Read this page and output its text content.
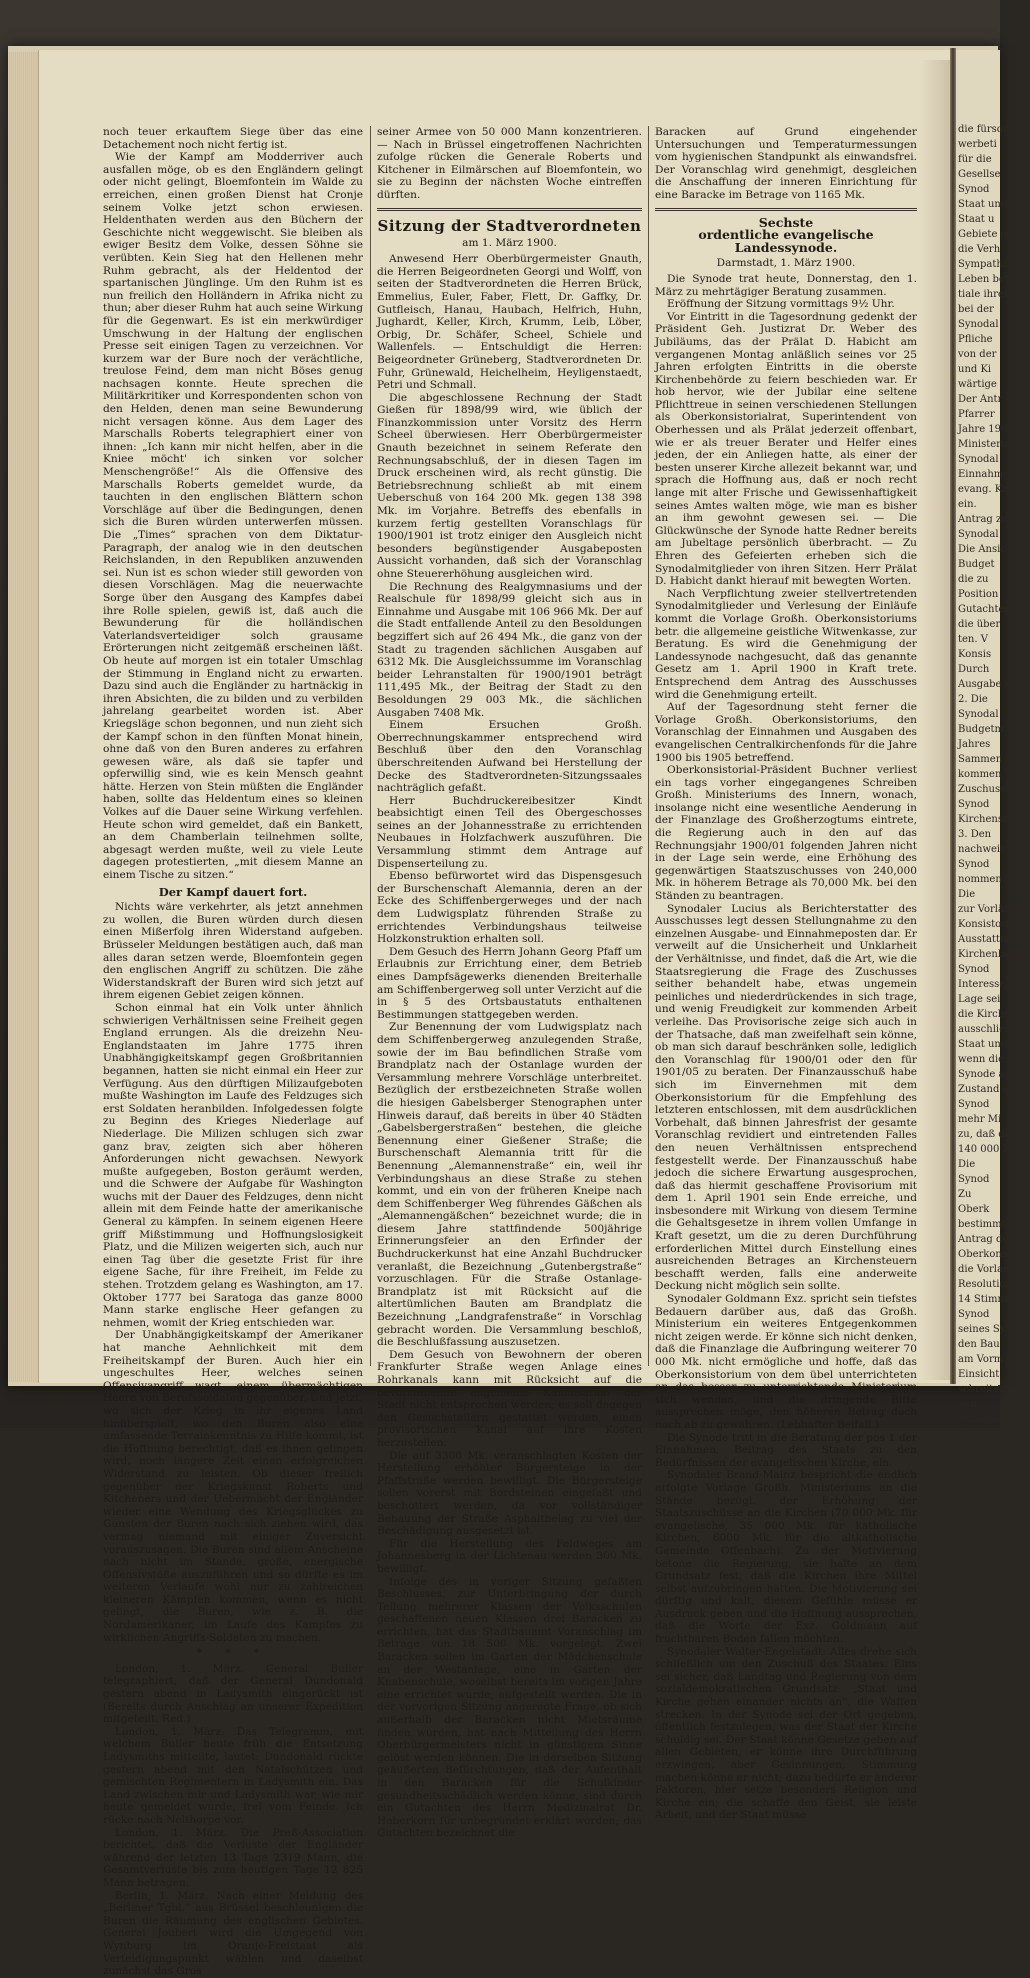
die fürsor
werbeti
für die
Gesellse
Synod
Staat und
Staat u
Gebiete an
die Verh
Sympathi
Leben bet
tiale ihrer
bei der
Synodal
Pfliche
von der
und Ki
wärtige
Der Antr
Pfarrer
Jahre 1900/1
Ministerin
Synodal
Einnahme
evang. Kirche
ein.
Antrag zum
Synodal
Die Ansic
Budget
die zu
Position
Gutachten
die über
ten. V
Konsis
Durch
Ausgabe
2. Die
Synodal
Budgetm
Jahres
Sammen
kommen
Zuschuss
Synod
Kirchenstel
3. Den
nachweis
Synod
nommen.
Die
zur Vorläufi
Konsistorium
Ausstattun
Kirchenbaue
Synod
Interesse
Lage sei
die Kirchen
ausschließlich
Staat und
wenn die
Synode au
Zustand ein
Synod
mehr Mi
zu, daß di
140 000 M
Die
Synod
Zu
Oberk
bestimmte
Antrag des
Oberkonsi
die Vorlage
Resolution
14 Stimmen
Synod
seines Sy
den Bau
am Vorm
Einsicht
schreiten.
Syn
Stammun
Aufk
Vorsch

noch teuer erkauftem Siege über das eine Detachement noch nicht fertig ist.

Wie der Kampf am Modderriver auch ausfallen möge, ob es den Engländern gelingt oder nicht gelingt, Bloemfontein im Walde zu erreichen, einen großen Dienst hat Cronje seinem Volke jetzt schon erwiesen. Heldenthaten werden aus den Büchern der Geschichte nicht weggewischt. Sie bleiben als ewiger Besitz dem Volke, dessen Söhne sie verübten. Kein Sieg hat den Hellenen mehr Ruhm gebracht, als der Heldentod der spartanischen Jünglinge. Um den Ruhm ist es nun freilich den Holländern in Afrika nicht zu thun; aber dieser Ruhm hat auch seine Wirkung für die Gegenwart. Es ist ein merkwürdiger Umschwung in der Haltung der englischen Presse seit einigen Tagen zu verzeichnen. Vor kurzem war der Bure noch der verächtliche, treulose Feind, dem man nicht Böses genug nachsagen konnte. Heute sprechen die Militärkritiker und Korrespondenten schon von den Helden, denen man seine Bewunderung nicht versagen könne. Aus dem Lager des Marschalls Roberts telegraphiert einer von ihnen: „Ich kann mir nicht helfen, aber in die Kniee möcht' ich sinken vor solcher Menschengröße!“ Als die Offensive des Marschalls Roberts gemeldet wurde, da tauchten in den englischen Blättern schon Vorschläge auf über die Bedingungen, denen sich die Buren würden unterwerfen müssen. Die „Times“ sprachen von dem Diktatur-Paragraph, der analog wie in den deutschen Reichslanden, in den Republiken anzuwenden sei. Nun ist es schon wieder still geworden von diesen Vorschlägen. Mag die neuerwachte Sorge über den Ausgang des Kampfes dabei ihre Rolle spielen, gewiß ist, daß auch die Bewunderung für die holländischen Vaterlandsverteidiger solch grausame Erörterungen nicht zeitgemäß erscheinen läßt. Ob heute auf morgen ist ein totaler Umschlag der Stimmung in England nicht zu erwarten. Dazu sind auch die Engländer zu hartnäckig in ihren Absichten, die zu bilden und zu verbilden jahrelang gearbeitet worden ist. Aber Kriegsläge schon begonnen, und nun zieht sich der Kampf schon in den fünften Monat hinein, ohne daß von den Buren anderes zu erfahren gewesen wäre, als daß sie tapfer und opferwillig sind, wie es kein Mensch geahnt hätte. Herzen von Stein müßten die Engländer haben, sollte das Heldentum eines so kleinen Volkes auf die Dauer seine Wirkung verfehlen. Heute schon wird gemeldet, daß ein Bankett, an dem Chamberlain teilnehmen sollte, abgesagt werden mußte, weil zu viele Leute dagegen protestierten, „mit diesem Manne an einem Tische zu sitzen.“

Der Kampf dauert fort.

Nichts wäre verkehrter, als jetzt annehmen zu wollen, die Buren würden durch diesen einen Mißerfolg ihren Widerstand aufgeben. Brüsseler Meldungen bestätigen auch, daß man alles daran setzen werde, Bloemfontein gegen den englischen Angriff zu schützen. Die zähe Widerstandskraft der Buren wird sich jetzt auf ihrem eigenen Gebiet zeigen können.

Schon einmal hat ein Volk unter ähnlich schwierigen Verhältnissen seine Freiheit gegen England errungen. Als die dreizehn Neu-Englandstaaten im Jahre 1775 ihren Unabhängigkeitskampf gegen Großbritannien begannen, hatten sie nicht einmal ein Heer zur Verfügung. Aus den dürftigen Milizaufgeboten mußte Washington im Laufe des Feldzuges sich erst Soldaten heranbilden. Infolgedessen folgte zu Beginn des Krieges Niederlage auf Niederlage. Die Milizen schlugen sich zwar ganz brav, zeigten sich aber höheren Anforderungen nicht gewachsen. Newyork mußte aufgegeben, Boston geräumt werden, und die Schwere der Aufgabe für Washington wuchs mit der Dauer des Feldzuges, denn nicht allein mit dem Feinde hatte der amerikanische General zu kämpfen. In seinem eigenen Heere griff Mißstimmung und Hoffnungslosigkeit Platz, und die Milizen weigerten sich, auch nur einen Tag über die gesetzte Frist für ihre eigene Sache, für ihre Freiheit, im Felde zu stehen. Trotzdem gelang es Washington, am 17. Oktober 1777 bei Saratoga das ganze 8000 Mann starke englische Heer gefangen zu nehmen, womit der Krieg entschieden war.

Der Unabhängigkeitskampf der Amerikaner hat manche Aehnlichkeit mit dem Freiheitskampf der Buren. Auch hier ein ungeschultes Heer, welches seinen Offensivangriff wagt, einem übermächtigen Heere von Berufssoldaten gegenüber. Und jetzt, wo sich der Krieg in ihr eigenes Land hinüberspielt, wo den Buren also eine umfassende Terrainkenntnis zu Hilfe kommt, ist die Hoffnung berechtigt, daß es ihnen gelingen wird, noch längere Zeit einen erfolgreichen Widerstand zu leisten. Ob dieser freilich gegenüber der Kriegskunst Roberts und Kitcheners und der Uebermacht der Engländer wieder eine Wendung des Kriegsglückes zu Gunsten der Buren nach sich ziehen wird, das vermag niemand mit einiger Zuversicht vorauszusagen. Die Buren sind allem Anscheine nach nicht im Stande, große, energische Offensivstöße auszuführen und so dürfte es im weiteren Verlaufe wohl nur zu zahlreichen kleineren Kämpfen kommen, wenn es nicht gelingt, die Buren, wie z. B. die Nordamerikaner, im Laufe des Kampfes zu wirklichen Angriffs-Soldaten zu machen.

* * *

London, 1. März. General Buller telegraphiert, daß der General Dundonald gestern abend in Ladysmith eingerückt ist (Bereits durch Anschlag an unserer Expedition mitgeteilt. Red.)

London, 1. März. Das Telegramm, mit welchem Buller heute früh die Entsetzung Ladysmiths mitteilte, lautet: Dundonald rückte gestern abend mit den Natalschützen und gemischten Regimentern in Ladysmith ein. Das Land zwischen mir und Ladysmith war, wie mir heute gemeldet wurde, frei vom Feinde. Ich rücke nach Nelthorpe vor.

London, 1. März. Die Preß-Association berichtet, daß die Verluste der Engländer während der letzten 13 Tage 2319 Mann, die Gesamtverluste bis zum heutigen Tage 12 825 Mann betragen.

Berlin, 1. März. Nach einer Meldung des „Berliner Tgbl.“ aus Brüssel beschleunigen die Buren die Räumung des englischen Gebietes. General Joubert wird die Umgegend von Wynburg im Oranje-Freistaat als Verteidigungspunkt wählen und daselbst zunächst das Gros

seiner Armee von 50 000 Mann konzentrieren. — Nach in Brüssel eingetroffenen Nachrichten zufolge rücken die Generale Roberts und Kitchener in Eilmärschen auf Bloemfontein, wo sie zu Beginn der nächsten Woche eintreffen dürften.

Sitzung der Stadtverordneten
am 1. März 1900.

Anwesend Herr Oberbürgermeister Gnauth, die Herren Beigeordneten Georgi und Wolff, von seiten der Stadtverordneten die Herren Brück, Emmelius, Euler, Faber, Flett, Dr. Gaffky, Dr. Gutfleisch, Hanau, Haubach, Helfrich, Huhn, Jughardt, Keller, Kirch, Krumm, Leib, Löber, Orbig, Dr. Schäfer, Scheel, Schiele und Wallenfels. — Entschuldigt die Herren: Beigeordneter Grüneberg, Stadtverordneten Dr. Fuhr, Grünewald, Heichelheim, Heyligenstaedt, Petri und Schmall.

Die abgeschlossene Rechnung der Stadt Gießen für 1898/99 wird, wie üblich der Finanzkommission unter Vorsitz des Herrn Scheel überwiesen. Herr Oberbürgermeister Gnauth bezeichnet in seinem Referate den Rechnungsabschluß, der in diesen Tagen im Druck erscheinen wird, als recht günstig. Die Betriebsrechnung schließt ab mit einem Ueberschuß von 164 200 Mk. gegen 138 398 Mk. im Vorjahre. Betreffs des ebenfalls in kurzem fertig gestellten Voranschlags für 1900/1901 ist trotz einiger den Ausgleich nicht besonders begünstigender Ausgabeposten Aussicht vorhanden, daß sich der Voranschlag ohne Steuererhöhung ausgleichen wird.

Die Rechnung des Realgymnasiums und der Realschule für 1898/99 gleicht sich aus in Einnahme und Ausgabe mit 106 966 Mk. Der auf die Stadt entfallende Anteil zu den Besoldungen begziffert sich auf 26 494 Mk., die ganz von der Stadt zu tragenden sächlichen Ausgaben auf 6312 Mk. Die Ausgleichssumme im Voranschlag beider Lehranstalten für 1900/1901 beträgt 111,495 Mk., der Beitrag der Stadt zu den Besoldungen 29 003 Mk., die sächlichen Ausgaben 7408 Mk.

Einem Ersuchen Großh. Oberrechnungskammer entsprechend wird Beschluß über den den Voranschlag überschreitenden Aufwand bei Herstellung der Decke des Stadtverordneten-Sitzungssaales nachträglich gefaßt.

Herr Buchdruckereibesitzer Kindt beabsichtigt einen Teil des Obergeschosses seines an der Johannesstraße zu errichtenden Neubaues in Holzfachwerk auszuführen. Die Versammlung stimmt dem Antrage auf Dispenserteilung zu.

Ebenso befürwortet wird das Dispensgesuch der Burschenschaft Alemannia, deren an der Ecke des Schiffenbergerweges und der nach dem Ludwigsplatz führenden Straße zu errichtendes Verbindungshaus teilweise Holzkonstruktion erhalten soll.

Dem Gesuch des Herrn Johann Georg Pfaff um Erlaubnis zur Errichtung einer, dem Betrieb eines Dampfsägewerks dienenden Breiterhalle am Schiffenbergerweg soll unter Verzicht auf die in § 5 des Ortsbaustatuts enthaltenen Bestimmungen stattgegeben werden.

Zur Benennung der vom Ludwigsplatz nach dem Schiffenbergerweg anzulegenden Straße, sowie der im Bau befindlichen Straße vom Brandplatz nach der Ostanlage wurden der Versammlung mehrere Vorschläge unterbreitet. Bezüglich der erstbezeichneten Straße wollen die hiesigen Gabelsberger Stenographen unter Hinweis darauf, daß bereits in über 40 Städten „Gabelsbergerstraßen“ bestehen, die gleiche Benennung einer Gießener Straße; die Burschenschaft Alemannia tritt für die Benennung „Alemannenstraße“ ein, weil ihr Verbindungshaus an diese Straße zu stehen kommt, und ein von der früheren Kneipe nach dem Schiffenberger Weg führendes Gäßchen als „Alemannengäßchen“ bezeichnet wurde; die in diesem Jahre stattfindende 500jährige Erinnerungsfeier an den Erfinder der Buchdruckerkunst hat eine Anzahl Buchdrucker veranlaßt, die Bezeichnung „Gutenbergstraße“ vorzuschlagen. Für die Straße Ostanlage-Brandplatz ist mit Rücksicht auf die altertümlichen Bauten am Brandplatz die Bezeichnung „Landgrafenstraße“ in Vorschlag gebracht worden. Die Versammlung beschloß, die Beschlußfassung auszusetzen.

Dem Gesuch von Bewohnern der oberen Frankfurter Straße wegen Anlage eines Rohrkanals kann mit Rücksicht auf die bevorstehende allgemeine Kanalisation der Stadt nicht entsprochen werden; es soll dagegen den Gesuchstellern gestattet werden, einen provisorischen Kanal auf ihre Kosten herzustellen.

Die auf 3300 Mk. veranschlagten Kosten der Herstellung erhöhter Bürgersteige in der Pfaffstraße werden bewilligt. Die Bürgersteige sollen vorerst mit Bordsteinen eingefaßt und beschottert werden, da vor vollständiger Bebauung der Straße Asphaltbelag zu viel der Beschädigung ausgesetzt ist.

Für die Herstellung des Feldweges am Johannesberg in der Lichtenau werden 300 Mk. bewilligt.

Infolge des in voriger Sitzung gefaßten Beschlusses, zur Unterbringung der durch Teilung mehrerer Klassen der Volksschulen geschaffenen neuen Klassen drei Baracken zu errichten, hat das Stadtbauamt Voranschlag im Betrage von 18 500 Mk. vorgelegt. Zwei Baracken sollen im Garten der Mädchenschule an der Westanlage, eine in Garten der Knabenschule, woselbst bereits im vorigen Jahre eine errichtet wurde, aufgestellt werden. Die in der vorvorigen Sitzung angeregte Frage, ob sich außerhalb der Baracken nicht Mietsräume finden würden, hat nach Mitteilung des Herrn Oberbürgermeisters nicht in günstigem Sinne gelöst werden können. Die in derselben Sitzung geäußerten Befürchtungen, daß der Aufenthalt in den Baracken für die Schulkinder gesundheitsschädlich werden könne, sind durch ein Gutachten des Herrn Medizinalrat Dr. Haberkorn für unbegründet erklärt worden; das Gutachten bezeichnet die

Baracken auf Grund eingehender Untersuchungen und Temperaturmessungen vom hygienischen Standpunkt als einwandsfrei. Der Voranschlag wird genehmigt, desgleichen die Anschaffung der inneren Einrichtung für eine Baracke im Betrage von 1165 Mk.

Sechste
ordentliche evangelische Landessynode.
Darmstadt, 1. März 1900.

Die Synode trat heute, Donnerstag, den 1. März zu mehrtägiger Beratung zusammen.

Eröffnung der Sitzung vormittags 9½ Uhr.

Vor Eintritt in die Tagesordnung gedenkt der Präsident Geh. Justizrat Dr. Weber des Jubiläums, das der Prälat D. Habicht am vergangenen Montag anläßlich seines vor 25 Jahren erfolgten Eintritts in die oberste Kirchenbehörde zu feiern beschieden war. Er hob hervor, wie der Jubilar eine seltene Pflichttreue in seinen verschiedenen Stellungen als Oberkonsistorialrat, Superintendent von Oberhessen und als Prälat jederzeit offenbart, wie er als treuer Berater und Helfer eines jeden, der ein Anliegen hatte, als einer der besten unserer Kirche allezeit bekannt war, und sprach die Hoffnung aus, daß er noch recht lange mit alter Frische und Gewissenhaftigkeit seines Amtes walten möge, wie man es bisher an ihm gewohnt gewesen sei. — Die Glückwünsche der Synode hatte Redner bereits am Jubeltage persönlich überbracht. — Zu Ehren des Gefeierten erheben sich die Synodalmitglieder von ihren Sitzen. Herr Prälat D. Habicht dankt hierauf mit bewegten Worten.

Nach Verpflichtung zweier stellvertretenden Synodalmitglieder und Verlesung der Einläufe kommt die Vorlage Großh. Oberkonsistoriums betr. die allgemeine geistliche Witwenkasse, zur Beratung. Es wird die Genehmigung der Landessynode nachgesucht, daß das genannte Gesetz am 1. April 1900 in Kraft trete. Entsprechend dem Antrag des Ausschusses wird die Genehmigung erteilt.

Auf der Tagesordnung steht ferner die Vorlage Großh. Oberkonsistoriums, den Voranschlag der Einnahmen und Ausgaben des evangelischen Centralkirchenfonds für die Jahre 1900 bis 1905 betreffend.

Oberkonsistorial-Präsident Buchner verliest ein tags vorher eingegangenes Schreiben Großh. Ministeriums des Innern, wonach, insolange nicht eine wesentliche Aenderung in der Finanzlage des Großherzogtums eintrete, die Regierung auch in den auf das Rechnungsjahr 1900/01 folgenden Jahren nicht in der Lage sein werde, eine Erhöhung des gegenwärtigen Staatszuschusses von 240,000 Mk. in höherem Betrage als 70,000 Mk. bei den Ständen zu beantragen.

Synodaler Lucius als Berichterstatter des Ausschusses legt dessen Stellungnahme zu den einzelnen Ausgabe- und Einnahmeposten dar. Er verweilt auf die Unsicherheit und Unklarheit der Verhältnisse, und findet, daß die Art, wie die Staatsregierung die Frage des Zuschusses seither behandelt habe, etwas ungemein peinliches und niederdrückendes in sich trage, und wenig Freudigkeit zur kommenden Arbeit verleihe. Das Provisorische zeige sich auch in der Thatsache, daß man zweifelhaft sein könne, ob man sich darauf beschränken solle, lediglich den Voranschlag für 1900/01 oder den für 1901/05 zu beraten. Der Finanzausschuß habe sich im Einvernehmen mit dem Oberkonsistorium für die Empfehlung des letzteren entschlossen, mit dem ausdrücklichen Vorbehalt, daß binnen Jahresfrist der gesamte Voranschlag revidiert und eintretenden Falles den neuen Verhältnissen entsprechend festgestellt werde. Der Finanzausschuß habe jedoch die sichere Erwartung ausgesprochen, daß das hiermit geschaffene Provisorium mit dem 1. April 1901 sein Ende erreiche, und insbesondere mit Wirkung von diesem Termine die Gehaltsgesetze in ihrem vollen Umfange in Kraft gesetzt, um die zu deren Durchführung erforderlichen Mittel durch Einstellung eines ausreichenden Betrages an Kirchensteuern beschafft werden, falls eine anderweite Deckung nicht möglich sein sollte.

Synodaler Goldmann Exz. spricht sein tiefstes Bedauern darüber aus, daß das Großh. Ministerium ein weiteres Entgegenkommen nicht zeigen werde. Er könne sich nicht denken, daß die Finanzlage die Aufbringung weiterer 70 000 Mk. nicht ermögliche und hoffe, daß das Oberkonsistorium von dem übel unterrichteten an das besser zu unterrichtende Ministerium sich wenden, und die dringende Bitte aussprechen möge, den höheren Betrag doch noch ab zu gewähren. (Lebhafter Beifall.)

Die Synode tritt in die Beratung der pos 1 der Einnahmen, Beitrag des Staats zu den Bedürfnissen der evangelischen Kirche, ein.

Synodaler Brand-Mainz bespricht die endlich erfolgte Vorlage Großh. Ministeriums an die Stände bezügl. der Erhöhung der Staatszuschüsse an die Kirchen (70 000 Mk. für evangelische, 35 000 Mk. für katholische Kirchen, 6000 Mk. für die altkatholische Gemeinde Offenbach). Zu der Motivierung betone die Regierung, sie halte an dem Grundsatz fest, daß die Kirchen ihre Mittel selbst aufzubringen hätten. Die Motivierung sei dürftig und kalt, diesem Gefühle müsse er Ausdruck geben und die Hoffnung aussprechen, daß die Worte der Exz. Goldmann auf fruchtbaren Boden fallen möchten.

Synodaler Walter-Engelstadt: Alles drehe sich schließlich um den Zuschuß des Staates. Eins sei sicher, daß Landtag und Regierung von dem sozialdemokratischen Grundsatz: „Staat und Kirche gehen einander nichts an“, die Waffen strecken. In der Synode sei der Ort gegeben, öffentlich festzulegen, was der Staat der Kirche schuldig sei. Der Staat könne Gesetze geben auf allen Gebieten, er könne ihre Durchführung erzwingen, aber Gesinnungen, Stimmung machen könne er nicht; dazu bedürfe er anderer Faktoren, hier setze besonders Religion und Kirche ein; die schaffe den Geist, sie leiste Arbeit, und der Staat müsse
